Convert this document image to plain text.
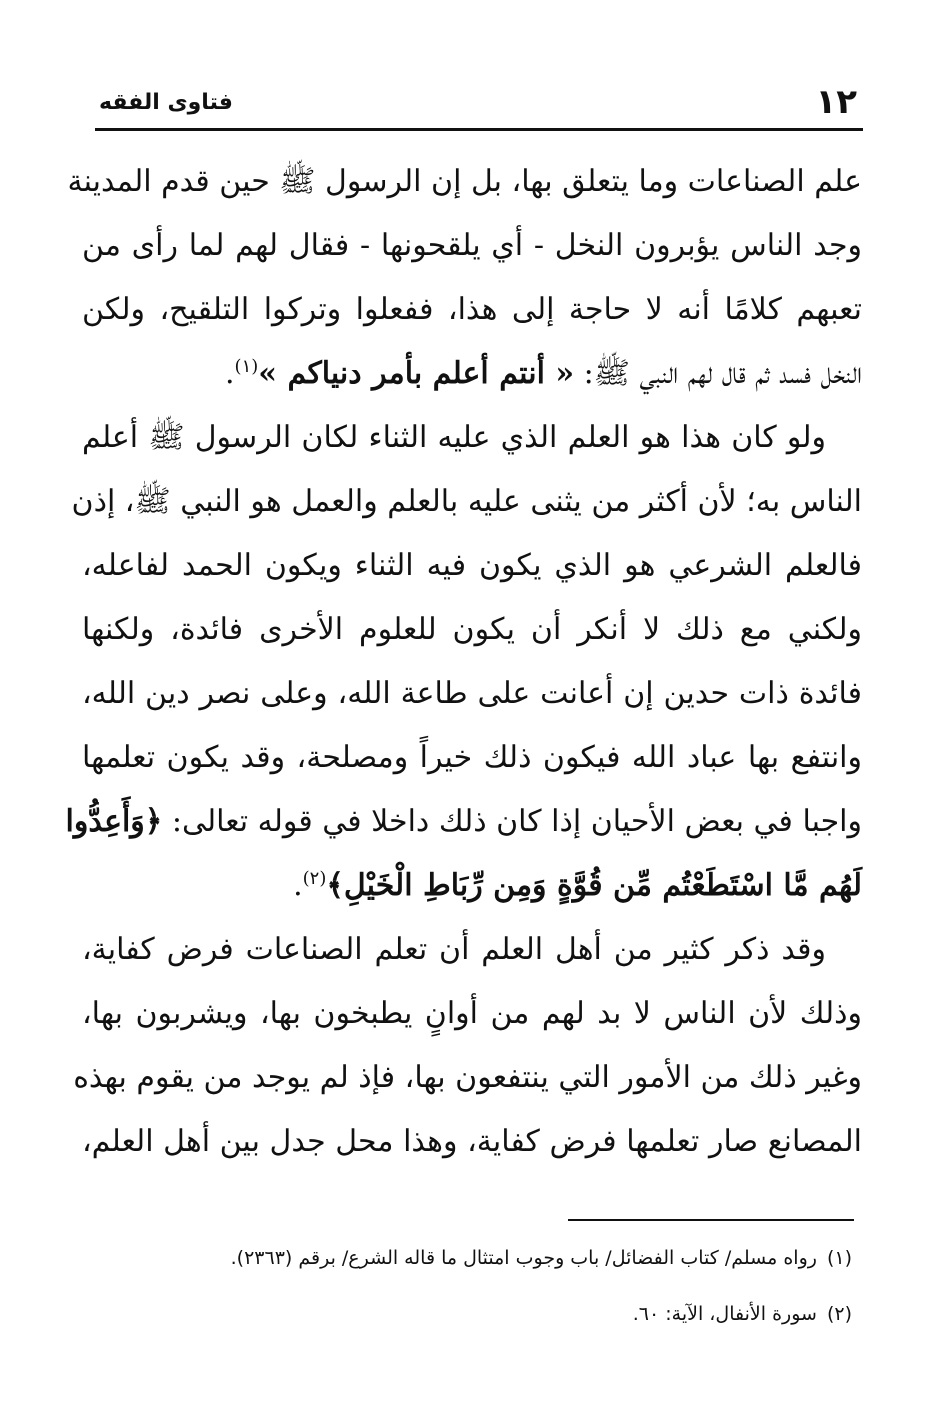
١٢
فتاوى الفقه
علم الصناعات وما يتعلق بها، بل إن الرسول ﷺ حين قدم المدينة
وجد الناس يؤبرون النخل - أي يلقحونها - فقال لهم لما رأى من
تعبهم كلامًا أنه لا حاجة إلى هذا، ففعلوا وتركوا التلقيح، ولكن
النخل فسد ثم قال لهم النبي ﷺ: « أنتم أعلم بأمر دنياكم »$^{(١)}$.
ولو كان هذا هو العلم الذي عليه الثناء لكان الرسول ﷺ أعلم
الناس به؛ لأن أكثر من يثنى عليه بالعلم والعمل هو النبي ﷺ، إذن
فالعلم الشرعي هو الذي يكون فيه الثناء ويكون الحمد لفاعله،
ولكني مع ذلك لا أنكر أن يكون للعلوم الأخرى فائدة، ولكنها
فائدة ذات حدين إن أعانت على طاعة الله، وعلى نصر دين الله،
وانتفع بها عباد الله فيكون ذلك خيراً ومصلحة، وقد يكون تعلمها
واجبا في بعض الأحيان إذا كان ذلك داخلا في قوله تعالى: ﴿وَأَعِدُّوا
لَهُم مَّا اسْتَطَعْتُم مِّن قُوَّةٍ وَمِن رِّبَاطِ الْخَيْلِ﴾$^{(٢)}$.
وقد ذكر كثير من أهل العلم أن تعلم الصناعات فرض كفاية،
وذلك لأن الناس لا بد لهم من أوانٍ يطبخون بها، ويشربون بها،
وغير ذلك من الأمور التي ينتفعون بها، فإذ لم يوجد من يقوم بهذه
المصانع صار تعلمها فرض كفاية، وهذا محل جدل بين أهل العلم،
(١)رواه مسلم/ كتاب الفضائل/ باب وجوب امتثال ما قاله الشرع/ برقم (٢٣٦٣).
(٢)سورة الأنفال، الآية: ٦٠.
